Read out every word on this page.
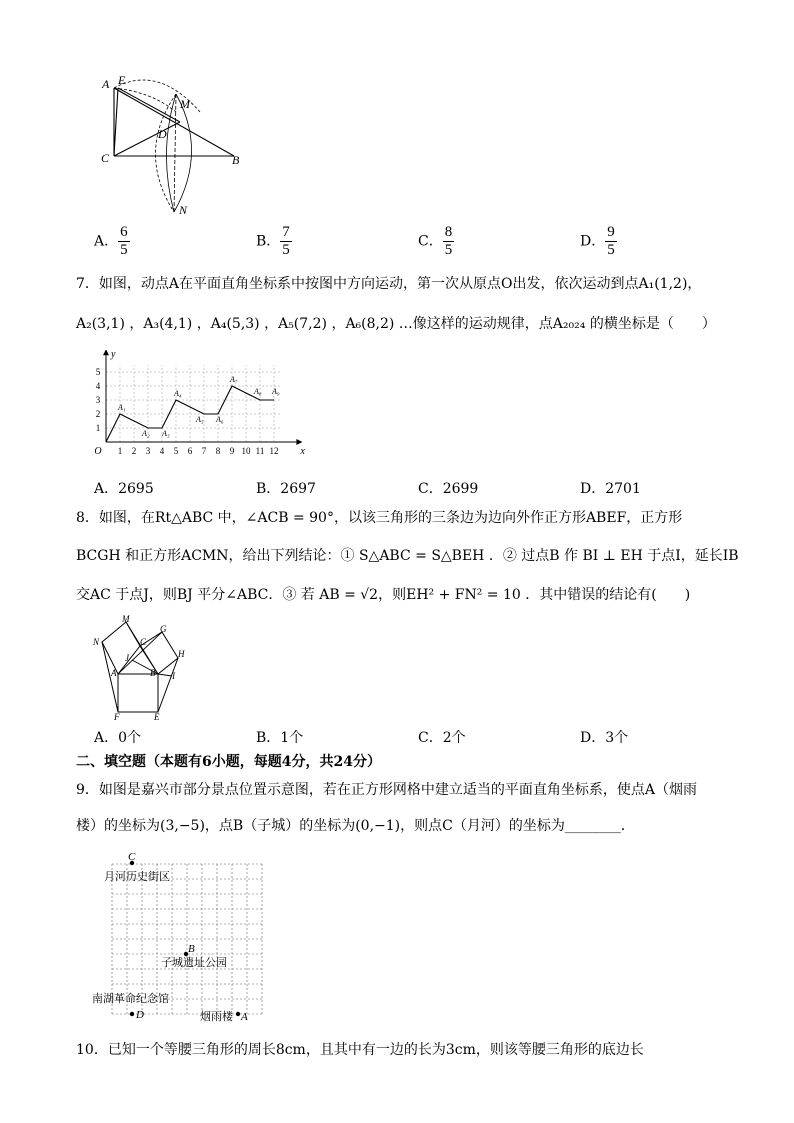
A E
M
D
C	B
N
A． $\frac{6}{5}$	B． $\frac{7}{5}$	C． $\frac{8}{5}$	D． $\frac{9}{5}$
7．如图，动点A在平面直角坐标系中按图中方向运动，第一次从原点O出发，依次运动到点A₁(1,2)，
A₂(3,1) ，A₃(4,1) ，A₄(5,3) ，A₅(7,2) ，A₆(8,2) …像这样的运动规律，点A₂₀₂₄ 的横坐标是（　　）
1 2 3 4 5 6 7 8 9 10 11 12
1
2
3
4
5
O	x
y
A₁
A₂ A₃
A₄
A₅ A₆
A₇
A₈ A₉
A．2695	B．2697	C．2699	D．2701
8．如图，在Rt△ABC 中，∠ACB = 90°，以该三角形的三条边为边向外作正方形ABEF，正方形
BCGH 和正方形ACMN，给出下列结论：① S△ABC = S△BEH ．② 过点B 作 BI ⊥ EH 于点I，延长IB
交AC 于点J，则BJ 平分∠ABC．③ 若 AB = √2，则EH² + FN² = 10 ．其中错误的结论有(　　)
M
N	C
G
H
J
A	B I
F	E
A．0个	B．1个	C．2个	D．3个
二、填空题（本题有6小题，每题4分，共24分）
9．如图是嘉兴市部分景点位置示意图，若在正方形网格中建立适当的平面直角坐标系，使点A（烟雨
楼）的坐标为(3,−5)，点B（子城）的坐标为(0,−1)，则点C（月河）的坐标为________．
C
月河历史街区
B
子城遗址公园
南湖革命纪念馆
D	烟雨楼 A
10．已知一个等腰三角形的周长8cm，且其中有一边的长为3cm，则该等腰三角形的底边长
